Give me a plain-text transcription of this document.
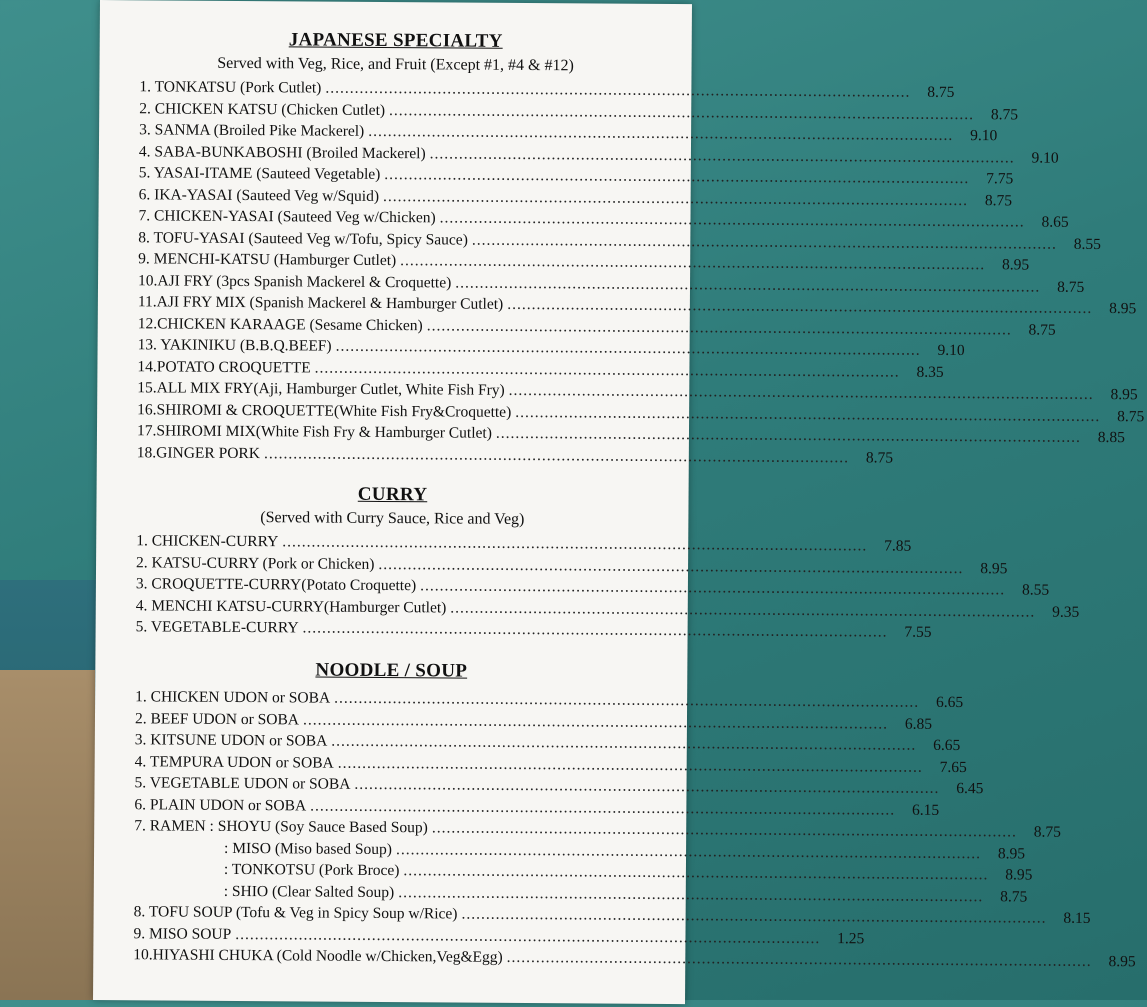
JAPANESE SPECIALTY
Served with Veg, Rice, and Fruit (Except #1, #4 & #12)
1. TONKATSU (Pork Cutlet) .....	8.75
2. CHICKEN KATSU (Chicken Cutlet) .....	8.75
3. SANMA (Broiled Pike Mackerel) .....	9.10
4. SABA-BUNKABOSHI (Broiled Mackerel) .....	9.10
5. YASAI-ITAME (Sauteed Vegetable) .....	7.75
6. IKA-YASAI (Sauteed Veg w/Squid) .....	8.75
7. CHICKEN-YASAI (Sauteed Veg w/Chicken) .....	8.65
8. TOFU-YASAI (Sauteed Veg w/Tofu, Spicy Sauce) .....	8.55
9. MENCHI-KATSU (Hamburger Cutlet) .....	8.95
10.AJI FRY (3pcs Spanish Mackerel & Croquette) .....	8.75
11.AJI FRY MIX (Spanish Mackerel & Hamburger Cutlet) .....	8.95
12.CHICKEN KARAAGE (Sesame Chicken) .....	8.75
13. YAKINIKU (B.B.Q.BEEF) .....	9.10
14.POTATO CROQUETTE .....	8.35
15.ALL MIX FRY(Aji, Hamburger Cutlet, White Fish Fry) .....	8.95
16.SHIROMI & CROQUETTE(White Fish Fry&Croquette) .....	8.75
17.SHIROMI MIX(White Fish Fry & Hamburger Cutlet) .....	8.85
18.GINGER PORK .....	8.75
CURRY
(Served with Curry Sauce, Rice and Veg)
1. CHICKEN-CURRY .....	7.85
2. KATSU-CURRY (Pork or Chicken) .....	8.95
3. CROQUETTE-CURRY(Potato Croquette) .....	8.55
4. MENCHI KATSU-CURRY(Hamburger Cutlet) .....	9.35
5. VEGETABLE-CURRY .....	7.55
NOODLE / SOUP
1. CHICKEN UDON or SOBA .....	6.65
2. BEEF UDON or SOBA .....	6.85
3. KITSUNE UDON or SOBA .....	6.65
4. TEMPURA UDON or SOBA .....	7.65
5. VEGETABLE UDON or SOBA .....	6.45
6. PLAIN UDON or SOBA .....	6.15
7. RAMEN : SHOYU (Soy Sauce Based Soup) .....	8.75
: MISO (Miso based Soup) .....	8.95
: TONKOTSU (Pork Broce) .....	8.95
: SHIO (Clear Salted Soup) .....	8.75
8. TOFU SOUP (Tofu & Veg in Spicy Soup w/Rice) .....	8.15
9. MISO SOUP .....	1.25
10.HIYASHI CHUKA (Cold Noodle w/Chicken,Veg&Egg) .....	8.95
